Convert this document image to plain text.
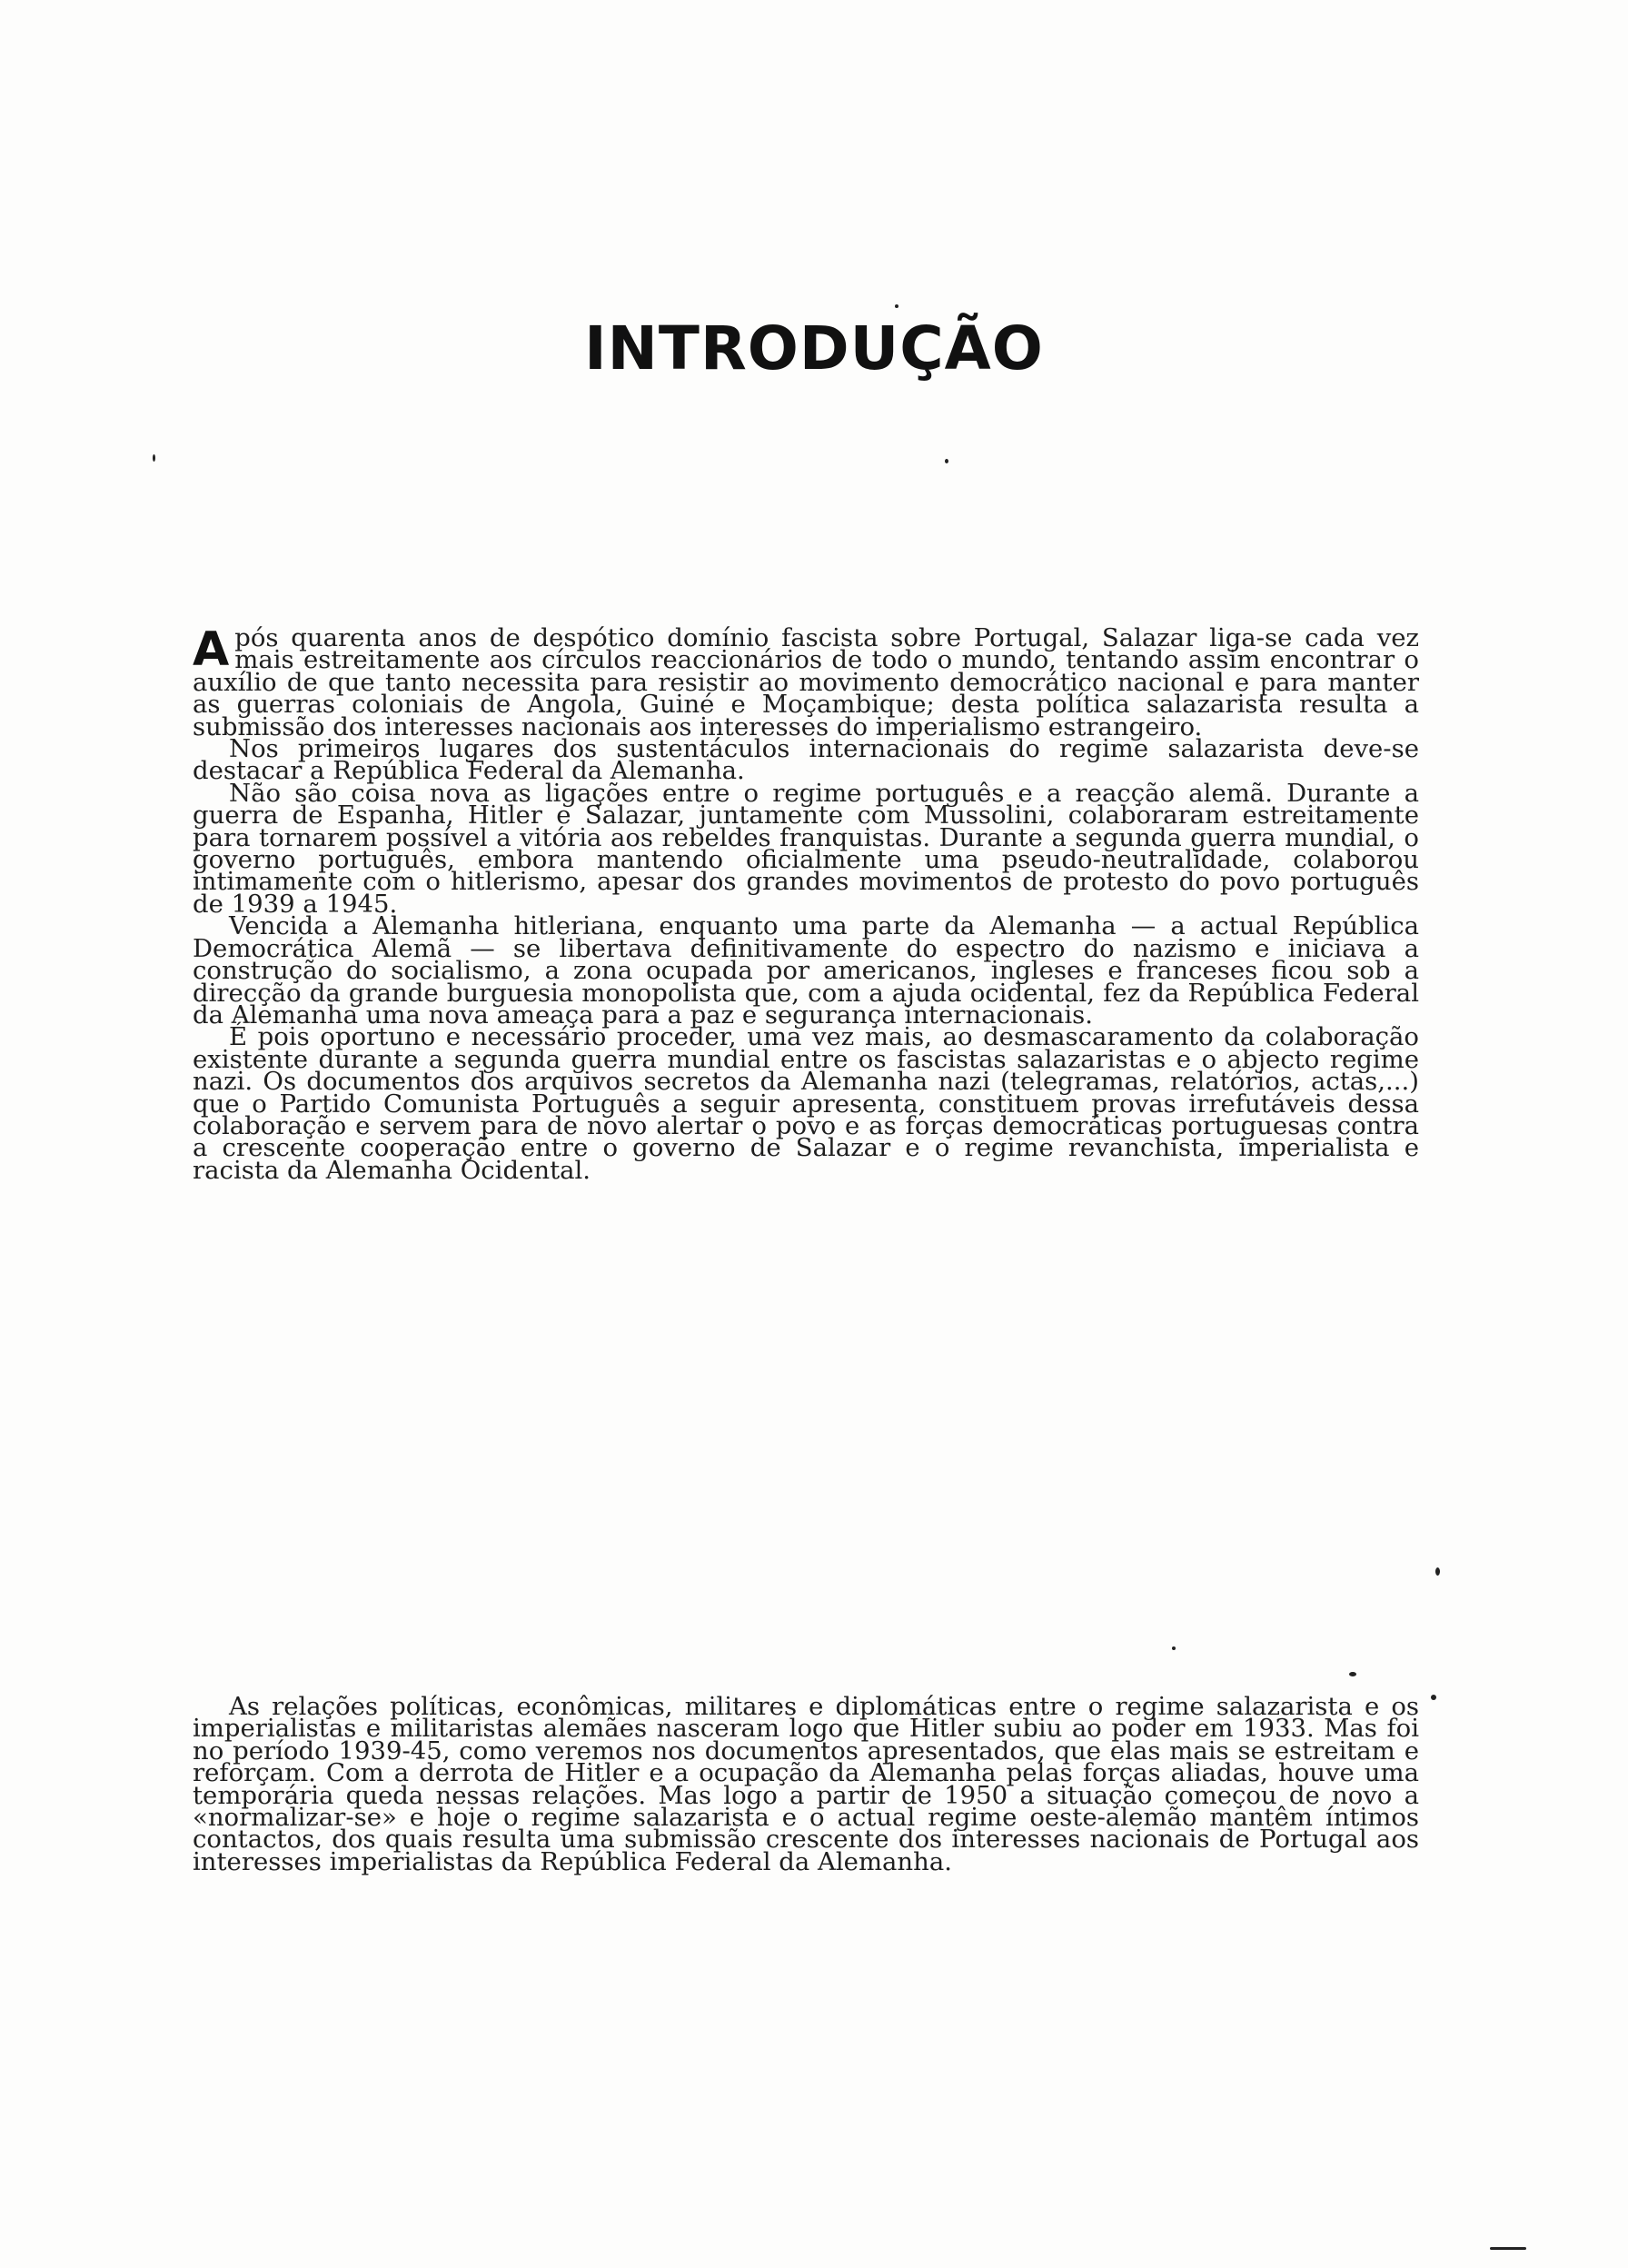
INTRODUÇÃO

Após quarenta anos de despótico domínio fascista sobre Portugal, Salazar liga-se cada vez mais estreitamente aos círculos reaccionários de todo o mundo, tentando assim encontrar o auxílio de que tanto necessita para resistir ao movimento democrático nacional e para manter as guerras coloniais de Angola, Guiné e Moçambique; desta política salazarista resulta a submissão dos interesses nacionais aos interesses do imperialismo estrangeiro.

Nos primeiros lugares dos sustentáculos internacionais do regime salazarista deve-se destacar a República Federal da Alemanha.

Não são coisa nova as ligações entre o regime português e a reacção alemã. Durante a guerra de Espanha, Hitler e Salazar, juntamente com Mussolini, colaboraram estreitamente para tornarem possível a vitória aos rebeldes franquistas. Durante a segunda guerra mundial, o governo português, embora mantendo oficialmente uma pseudo-neutralidade, colaborou intimamente com o hitlerismo, apesar dos grandes movimentos de protesto do povo português de 1939 a 1945.

Vencida a Alemanha hitleriana, enquanto uma parte da Alemanha — a actual República Democrática Alemã — se libertava definitivamente do espectro do nazismo e iniciava a construção do socialismo, a zona ocupada por americanos, ingleses e franceses ficou sob a direcção da grande burguesia monopolista que, com a ajuda ocidental, fez da República Federal da Alemanha uma nova ameaça para a paz e segurança internacionais.

É pois oportuno e necessário proceder, uma vez mais, ao desmascaramento da colaboração existente durante a segunda guerra mundial entre os fascistas salazaristas e o abjecto regime nazi. Os documentos dos arquivos secretos da Alemanha nazi (telegramas, relatórios, actas,...) que o Partido Comunista Português a seguir apresenta, constituem provas irrefutáveis dessa colaboração e servem para de novo alertar o povo e as forças democráticas portuguesas contra a crescente cooperação entre o governo de Salazar e o regime revanchista, imperialista e racista da Alemanha Ocidental.

As relações políticas, econômicas, militares e diplomáticas entre o regime salazarista e os imperialistas e militaristas alemães nasceram logo que Hitler subiu ao poder em 1933. Mas foi no período 1939-45, como veremos nos documentos apresentados, que elas mais se estreitam e reforçam. Com a derrota de Hitler e a ocupação da Alemanha pelas forças aliadas, houve uma temporária queda nessas relações. Mas logo a partir de 1950 a situação começou de novo a «normalizar-se» e hoje o regime salazarista e o actual regime oeste-alemão mantêm íntimos contactos, dos quais resulta uma submissão crescente dos interesses nacionais de Portugal aos interesses imperialistas da República Federal da Alemanha.
